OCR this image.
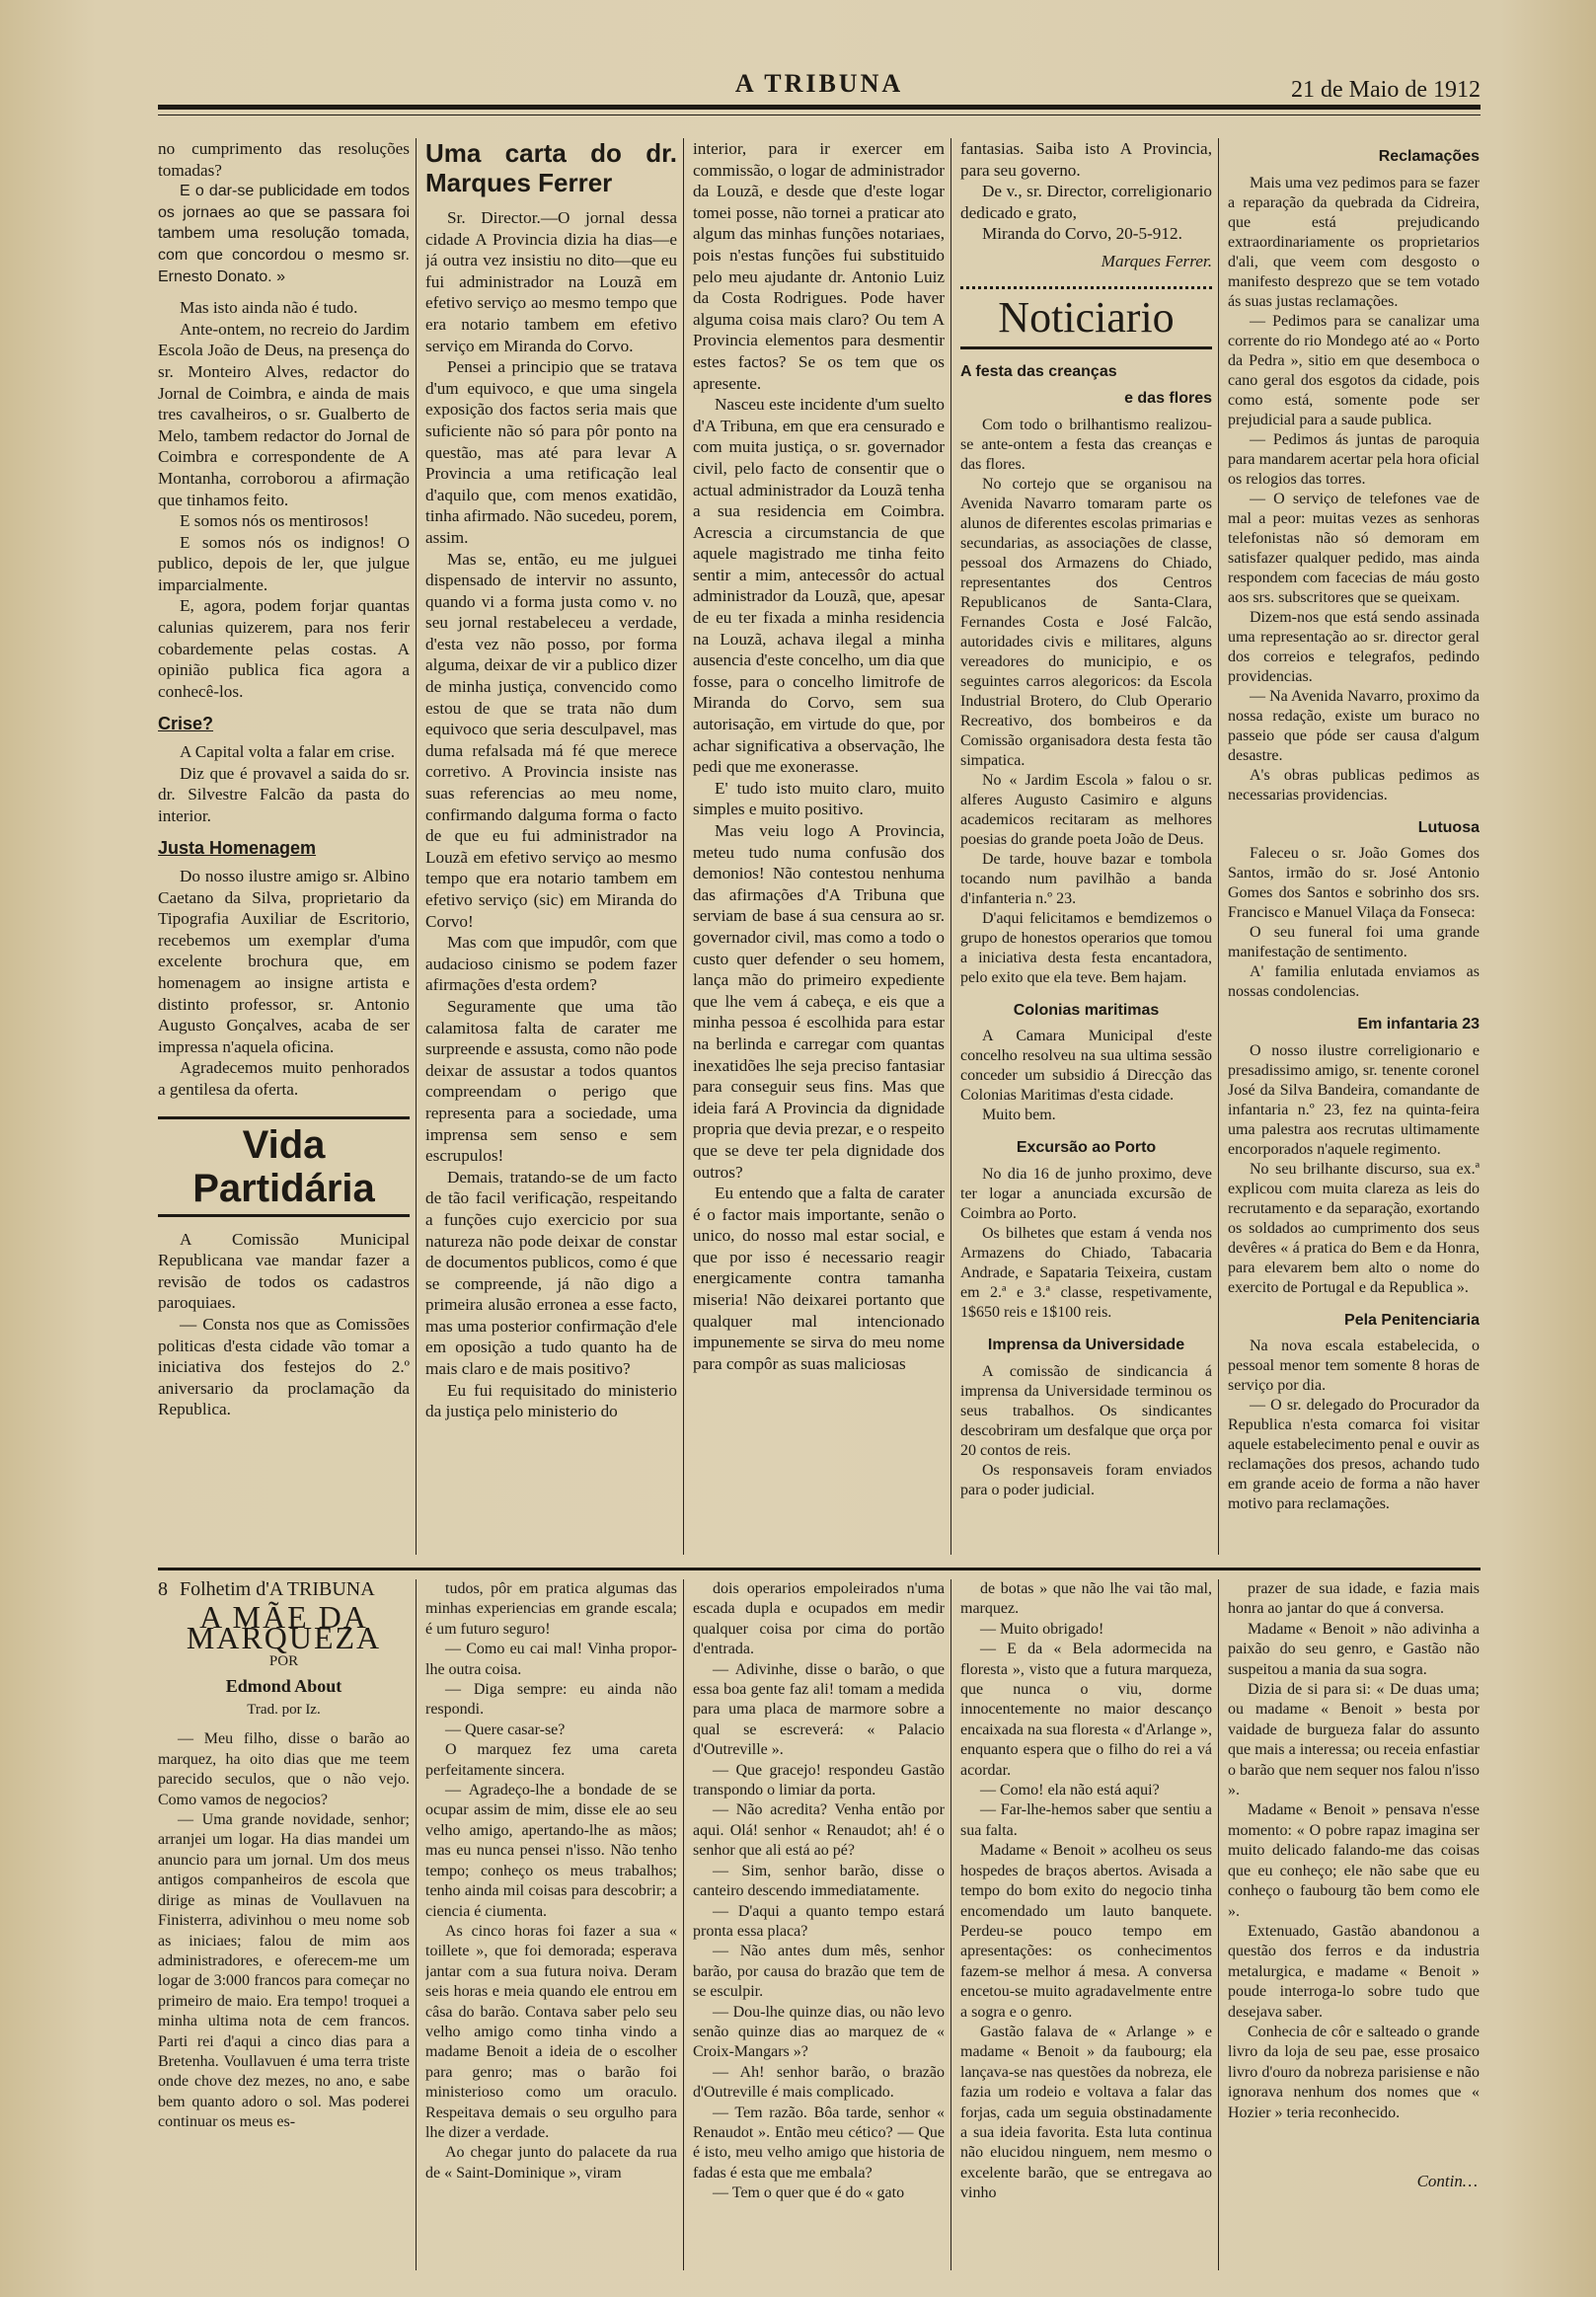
A TRIBUNA	21 de Maio de 1912

no cumprimento das resoluções tomadas?

E o dar-se publicidade em todos os jornaes ao que se passara foi tambem uma resolução tomada, com que concordou o mesmo sr. Ernesto Donato. »

Mas isto ainda não é tudo.

Ante-ontem, no recreio do Jardim Escola João de Deus, na presença do sr. Monteiro Alves, redactor do Jornal de Coimbra, e ainda de mais tres cavalheiros, o sr. Gualberto de Melo, tambem redactor do Jornal de Coimbra e correspondente de A Montanha, corroborou a afirmação que tinhamos feito.

E somos nós os mentirosos!

E somos nós os indignos! O publico, depois de ler, que julgue imparcialmente.

E, agora, podem forjar quantas calunias quizerem, para nos ferir cobardemente pelas costas. A opinião publica fica agora a conhecê-los.

Crise?

A Capital volta a falar em crise.

Diz que é provavel a saida do sr. dr. Silvestre Falcão da pasta do interior.

Justa Homenagem

Do nosso ilustre amigo sr. Albino Caetano da Silva, proprietario da Tipografia Auxiliar de Escritorio, recebemos um exemplar d'uma excelente brochura que, em homenagem ao insigne artista e distinto professor, sr. Antonio Augusto Gonçalves, acaba de ser impressa n'aquela oficina.

Agradecemos muito penhorados a gentilesa da oferta.

Vida Partidária

A Comissão Municipal Republicana vae mandar fazer a revisão de todos os cadastros paroquiaes.

— Consta nos que as Comissões politicas d'esta cidade vão tomar a iniciativa dos festejos do 2.º aniversario da proclamação da Republica.

Uma carta do dr. Marques Ferrer

Sr. Director.—O jornal dessa cidade A Provincia dizia ha dias—e já outra vez insistiu no dito—que eu fui administrador na Louzã em efetivo serviço ao mesmo tempo que era notario tambem em efetivo serviço em Miranda do Corvo.

Pensei a principio que se tratava d'um equivoco, e que uma singela exposição dos factos seria mais que suficiente não só para pôr ponto na questão, mas até para levar A Provincia a uma retificação leal d'aquilo que, com menos exatidão, tinha afirmado. Não sucedeu, porem, assim.

Mas se, então, eu me julguei dispensado de intervir no assunto, quando vi a forma justa como v. no seu jornal restabeleceu a verdade, d'esta vez não posso, por forma alguma, deixar de vir a publico dizer de minha justiça, convencido como estou de que se trata não dum equivoco que seria desculpavel, mas duma refalsada má fé que merece corretivo. A Provincia insiste nas suas referencias ao meu nome, confirmando dalguma forma o facto de que eu fui administrador na Louzã em efetivo serviço ao mesmo tempo que era notario tambem em efetivo serviço (sic) em Miranda do Corvo!

Mas com que impudôr, com que audacioso cinismo se podem fazer afirmações d'esta ordem?

Seguramente que uma tão calamitosa falta de carater me surpreende e assusta, como não pode deixar de assustar a todos quantos compreendam o perigo que representa para a sociedade, uma imprensa sem senso e sem escrupulos!

Demais, tratando-se de um facto de tão facil verificação, respeitando a funções cujo exercicio por sua natureza não pode deixar de constar de documentos publicos, como é que se compreende, já não digo a primeira alusão erronea a esse facto, mas uma posterior confirmação d'ele em oposição a tudo quanto ha de mais claro e de mais positivo?

Eu fui requisitado do ministerio da justiça pelo ministerio do

interior, para ir exercer em commissão, o logar de administrador da Louzã, e desde que d'este logar tomei posse, não tornei a praticar ato algum das minhas funções notariaes, pois n'estas funções fui substituido pelo meu ajudante dr. Antonio Luiz da Costa Rodrigues. Pode haver alguma coisa mais claro? Ou tem A Provincia elementos para desmentir estes factos? Se os tem que os apresente.

Nasceu este incidente d'um suelto d'A Tribuna, em que era censurado e com muita justiça, o sr. governador civil, pelo facto de consentir que o actual administrador da Louzã tenha a sua residencia em Coimbra. Acrescia a circumstancia de que aquele magistrado me tinha feito sentir a mim, antecessôr do actual administrador da Louzã, que, apesar de eu ter fixada a minha residencia na Louzã, achava ilegal a minha ausencia d'este concelho, um dia que fosse, para o concelho limitrofe de Miranda do Corvo, sem sua autorisação, em virtude do que, por achar significativa a observação, lhe pedi que me exonerasse.

E' tudo isto muito claro, muito simples e muito positivo.

Mas veiu logo A Provincia, meteu tudo numa confusão dos demonios! Não contestou nenhuma das afirmações d'A Tribuna que serviam de base á sua censura ao sr. governador civil, mas como a todo o custo quer defender o seu homem, lança mão do primeiro expediente que lhe vem á cabeça, e eis que a minha pessoa é escolhida para estar na berlinda e carregar com quantas inexatidões lhe seja preciso fantasiar para conseguir seus fins. Mas que ideia fará A Provincia da dignidade propria que devia prezar, e o respeito que se deve ter pela dignidade dos outros?

Eu entendo que a falta de carater é o factor mais importante, senão o unico, do nosso mal estar social, e que por isso é necessario reagir energicamente contra tamanha miseria! Não deixarei portanto que qualquer mal intencionado impunemente se sirva do meu nome para compôr as suas maliciosas

fantasias. Saiba isto A Provincia, para seu governo.

De v., sr. Director, correligionario dedicado e grato,

Miranda do Corvo, 20-5-912.

Marques Ferrer.
Noticiario
A festa das creanças
e das flores

Com todo o brilhantismo realizou-se ante-ontem a festa das creanças e das flores.

No cortejo que se organisou na Avenida Navarro tomaram parte os alunos de diferentes escolas primarias e secundarias, as associações de classe, pessoal dos Armazens do Chiado, representantes dos Centros Republicanos de Santa-Clara, Fernandes Costa e José Falcão, autoridades civis e militares, alguns vereadores do municipio, e os seguintes carros alegoricos: da Escola Industrial Brotero, do Club Operario Recreativo, dos bombeiros e da Comissão organisadora desta festa tão simpatica.

No « Jardim Escola » falou o sr. alferes Augusto Casimiro e alguns academicos recitaram as melhores poesias do grande poeta João de Deus.

De tarde, houve bazar e tombola tocando num pavilhão a banda d'infanteria n.º 23.

D'aqui felicitamos e bemdizemos o grupo de honestos operarios que tomou a iniciativa desta festa encantadora, pelo exito que ela teve. Bem hajam.

Colonias maritimas

A Camara Municipal d'este concelho resolveu na sua ultima sessão conceder um subsidio á Direcção das Colonias Maritimas d'esta cidade.

Muito bem.

Excursão ao Porto

No dia 16 de junho proximo, deve ter logar a anunciada excursão de Coimbra ao Porto.

Os bilhetes que estam á venda nos Armazens do Chiado, Tabacaria Andrade, e Sapataria Teixeira, custam em 2.ª e 3.ª classe, respetivamente, 1$650 reis e 1$100 reis.

Imprensa da Universidade

A comissão de sindicancia á imprensa da Universidade terminou os seus trabalhos. Os sindicantes descobriram um desfalque que orça por 20 contos de reis.

Os responsaveis foram enviados para o poder judicial.

Reclamações

Mais uma vez pedimos para se fazer a reparação da quebrada da Cidreira, que está prejudicando extraordinariamente os proprietarios d'ali, que veem com desgosto o manifesto desprezo que se tem votado ás suas justas reclamações.

— Pedimos para se canalizar uma corrente do rio Mondego até ao « Porto da Pedra », sitio em que desemboca o cano geral dos esgotos da cidade, pois como está, somente pode ser prejudicial para a saude publica.

— Pedimos ás juntas de paroquia para mandarem acertar pela hora oficial os relogios das torres.

— O serviço de telefones vae de mal a peor: muitas vezes as senhoras telefonistas não só demoram em satisfazer qualquer pedido, mas ainda respondem com facecias de máu gosto aos srs. subscritores que se queixam.

Dizem-nos que está sendo assinada uma representação ao sr. director geral dos correios e telegrafos, pedindo providencias.

— Na Avenida Navarro, proximo da nossa redação, existe um buraco no passeio que póde ser causa d'algum desastre.

A's obras publicas pedimos as necessarias providencias.

Lutuosa

Faleceu o sr. João Gomes dos Santos, irmão do sr. José Antonio Gomes dos Santos e sobrinho dos srs. Francisco e Manuel Vilaça da Fonseca:

O seu funeral foi uma grande manifestação de sentimento.

A' familia enlutada enviamos as nossas condolencias.

Em infantaria 23

O nosso ilustre correligionario e presadissimo amigo, sr. tenente coronel José da Silva Bandeira, comandante de infantaria n.º 23, fez na quinta-feira uma palestra aos recrutas ultimamente encorporados n'aquele regimento.

No seu brilhante discurso, sua ex.ª explicou com muita clareza as leis do recrutamento e da separação, exortando os soldados ao cumprimento dos seus devêres « á pratica do Bem e da Honra, para elevarem bem alto o nome do exercito de Portugal e da Republica ».

Pela Penitenciaria

Na nova escala estabelecida, o pessoal menor tem somente 8 horas de serviço por dia.

— O sr. delegado do Procurador da Republica n'esta comarca foi visitar aquele estabelecimento penal e ouvir as reclamações dos presos, achando tudo em grande aceio de forma a não haver motivo para reclamações.

8 Folhetim d'A TRIBUNA
A MÃE DA MARQUEZA
POR
Edmond About
Trad. por Iz.

— Meu filho, disse o barão ao marquez, ha oito dias que me teem parecido seculos, que o não vejo. Como vamos de negocios?

— Uma grande novidade, senhor; arranjei um logar. Ha dias mandei um anuncio para um jornal. Um dos meus antigos companheiros de escola que dirige as minas de Voullavuen na Finisterra, adivinhou o meu nome sob as iniciaes; falou de mim aos administradores, e oferecem-me um logar de 3:000 francos para começar no primeiro de maio. Era tempo! troquei a minha ultima nota de cem francos. Parti rei d'aqui a cinco dias para a Bretenha. Voullavuen é uma terra triste onde chove dez mezes, no ano, e sabe bem quanto adoro o sol. Mas poderei continuar os meus es-

tudos, pôr em pratica algumas das minhas experiencias em grande escala; é um futuro seguro!

— Como eu cai mal! Vinha propor-lhe outra coisa.

— Diga sempre: eu ainda não respondi.

— Quere casar-se?

O marquez fez uma careta perfeitamente sincera.

— Agradeço-lhe a bondade de se ocupar assim de mim, disse ele ao seu velho amigo, apertando-lhe as mãos; mas eu nunca pensei n'isso. Não tenho tempo; conheço os meus trabalhos; tenho ainda mil coisas para descobrir; a ciencia é ciumenta.

As cinco horas foi fazer a sua « toillete », que foi demorada; esperava jantar com a sua futura noiva. Deram seis horas e meia quando ele entrou em câsa do barão. Contava saber pelo seu velho amigo como tinha vindo a madame Benoit a ideia de o escolher para genro; mas o barão foi ministerioso como um oraculo. Respeitava demais o seu orgulho para lhe dizer a verdade.

Ao chegar junto do palacete da rua de « Saint-Dominique », viram

dois operarios empoleirados n'uma escada dupla e ocupados em medir qualquer coisa por cima do portão d'entrada.

— Adivinhe, disse o barão, o que essa boa gente faz ali! tomam a medida para uma placa de marmore sobre a qual se escreverá: « Palacio d'Outreville ».

— Que gracejo! respondeu Gastão transpondo o limiar da porta.

— Não acredita? Venha então por aqui. Olá! senhor « Renaudot; ah! é o senhor que ali está ao pé?

— Sim, senhor barão, disse o canteiro descendo immediatamente.

— D'aqui a quanto tempo estará pronta essa placa?

— Não antes dum mês, senhor barão, por causa do brazão que tem de se esculpir.

— Dou-lhe quinze dias, ou não levo senão quinze dias ao marquez de « Croix-Mangars »?

— Ah! senhor barão, o brazão d'Outreville é mais complicado.

— Tem razão. Bôa tarde, senhor « Renaudot ». Então meu cético? — Que é isto, meu velho amigo que historia de fadas é esta que me embala?

— Tem o quer que é do « gato

de botas » que não lhe vai tão mal, marquez.

— Muito obrigado!

— E da « Bela adormecida na floresta », visto que a futura marqueza, que nunca o viu, dorme innocentemente no maior descanço encaixada na sua floresta « d'Arlange », enquanto espera que o filho do rei a vá acordar.

— Como! ela não está aqui?

— Far-lhe-hemos saber que sentiu a sua falta.

Madame « Benoit » acolheu os seus hospedes de braços abertos. Avisada a tempo do bom exito do negocio tinha encomendado um lauto banquete. Perdeu-se pouco tempo em apresentações: os conhecimentos fazem-se melhor á mesa. A conversa encetou-se muito agradavelmente entre a sogra e o genro.

Gastão falava de « Arlange » e madame « Benoit » da faubourg; ela lançava-se nas questões da nobreza, ele fazia um rodeio e voltava a falar das forjas, cada um seguia obstinadamente a sua ideia favorita. Esta luta continua não elucidou ninguem, nem mesmo o excelente barão, que se entregava ao vinho

prazer de sua idade, e fazia mais honra ao jantar do que á conversa.

Madame « Benoit » não adivinha a paixão do seu genro, e Gastão não suspeitou a mania da sua sogra.

Dizia de si para si: « De duas uma; ou madame « Benoit » besta por vaidade de burgueza falar do assunto que mais a interessa; ou receia enfastiar o barão que nem sequer nos falou n'isso ».

Madame « Benoit » pensava n'esse momento: « O pobre rapaz imagina ser muito delicado falando-me das coisas que eu conheço; ele não sabe que eu conheço o faubourg tão bem como ele ».

Extenuado, Gastão abandonou a questão dos ferros e da industria metalurgica, e madame « Benoit » poude interroga-lo sobre tudo que desejava saber.

Conhecia de côr e salteado o grande livro da loja de seu pae, esse prosaico livro d'ouro da nobreza parisiense e não ignorava nenhum dos nomes que « Hozier » teria reconhecido.

Contin…
